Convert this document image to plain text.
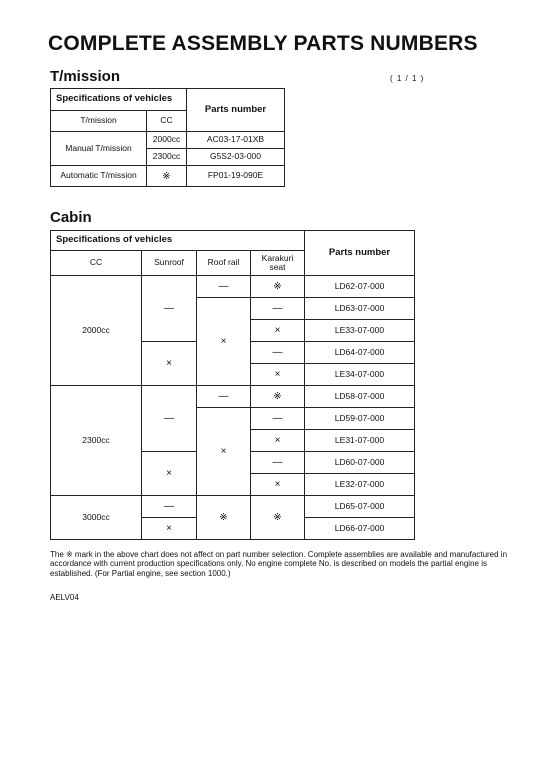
COMPLETE ASSEMBLY PARTS NUMBERS
T/mission	( 1 / 1 )
Specifications of vehicles		Parts number
T/mission	CC	
Manual T/mission	2000cc	AC03-17-01XB
	2300cc	G5S2-03-000
Automatic T/mission	※	FP01-19-090E
Cabin
Specifications of vehicles				Parts number
CC	Sunroof	Roof rail	Karakuri seat	
2000cc	—	—	※	LD62-07-000
		×	—	LD63-07-000
			×	LE33-07-000
	×		—	LD64-07-000
			×	LE34-07-000
2300cc	—	—	※	LD58-07-000
		×	—	LD59-07-000
			×	LE31-07-000
	×		—	LD60-07-000
			×	LE32-07-000
3000cc	—	※	※	LD65-07-000
	×			LD66-07-000
The ※ mark in the above chart does not affect on part number selection. Complete assemblies are available and manufactured in accordance with current production specifications only. No engine complete No. is described on models the partial engine is established. (For Partial engine, see section 1000.)
AELV04
